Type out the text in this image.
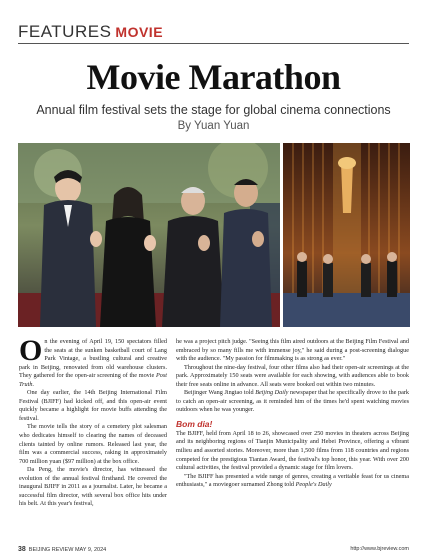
FEATURES MOVIE
Movie Marathon
Annual film festival sets the stage for global cinema connections
By Yuan Yuan

On the evening of April 19, 150 spectators filled the seats at the sunken basketball court of Lang Park Vintage, a bustling cultural and creative park in Beijing, renovated from old warehouse clusters. They gathered for the open-air screening of the movie Post Truth.

One day earlier, the 14th Beijing International Film Festival (BJIFF) had kicked off, and this open-air event quickly became a highlight for movie buffs attending the festival.

The movie tells the story of a cemetery plot salesman who dedicates himself to clearing the names of deceased clients tainted by online rumors. Released last year, the film was a commercial success, raking in approximately 700 million yuan ($97 million) at the box office.

Da Peng, the movie's director, has witnessed the evolution of the annual festival firsthand. He covered the inaugural BJIFF in 2011 as a journalist. Later, he became a successful film director, with several box office hits under his belt. At this year's festival,

he was a project pitch judge. "Seeing this film aired outdoors at the Beijing Film Festival and embraced by so many fills me with immense joy," he said during a post-screening dialogue with the audience. "My passion for filmmaking is as strong as ever."

Throughout the nine-day festival, four other films also had their open-air screenings at the park. Approximately 150 seats were available for each showing, with audiences able to book their free seats online in advance. All seats were booked out within two minutes.

Beijinger Wang Jingtao told Beijing Daily newspaper that he specifically drove to the park to catch an open-air screening, as it reminded him of the times he'd spent watching movies outdoors when he was younger.

Bom dia!

The BJIFF, held from April 18 to 26, showcased over 250 movies in theaters across Beijing and its neighboring regions of Tianjin Municipality and Hebei Province, offering a vibrant milieu and assorted stories. Moreover, more than 1,500 films from 118 countries and regions competed for the prestigious Tiantan Award, the festival's top honor, this year. With over 200 cultural activities, the festival provided a dynamic stage for film lovers.

"The BJIFF has presented a wide range of genres, creating a veritable feast for us cinema enthusiasts," a moviegoer surnamed Zhong told People's Daily

38 BEIJING REVIEW MAY 9, 2024	http://www.bjreview.com
